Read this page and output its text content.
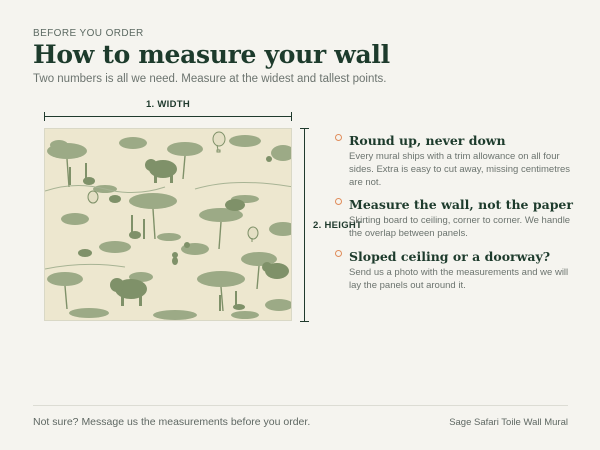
BEFORE YOU ORDER
How to measure your wall
Two numbers is all we need. Measure at the widest and tallest points.
1. WIDTH
2. HEIGHT
Round up, never down
Every mural ships with a trim allowance on all four sides. Extra is easy to cut away, missing centimetres are not.
Measure the wall, not the paper
Skirting board to ceiling, corner to corner. We handle the overlap between panels.
Sloped ceiling or a doorway?
Send us a photo with the measurements and we will lay the panels out around it.
Not sure? Message us the measurements before you order.	Sage Safari Toile Wall Mural
